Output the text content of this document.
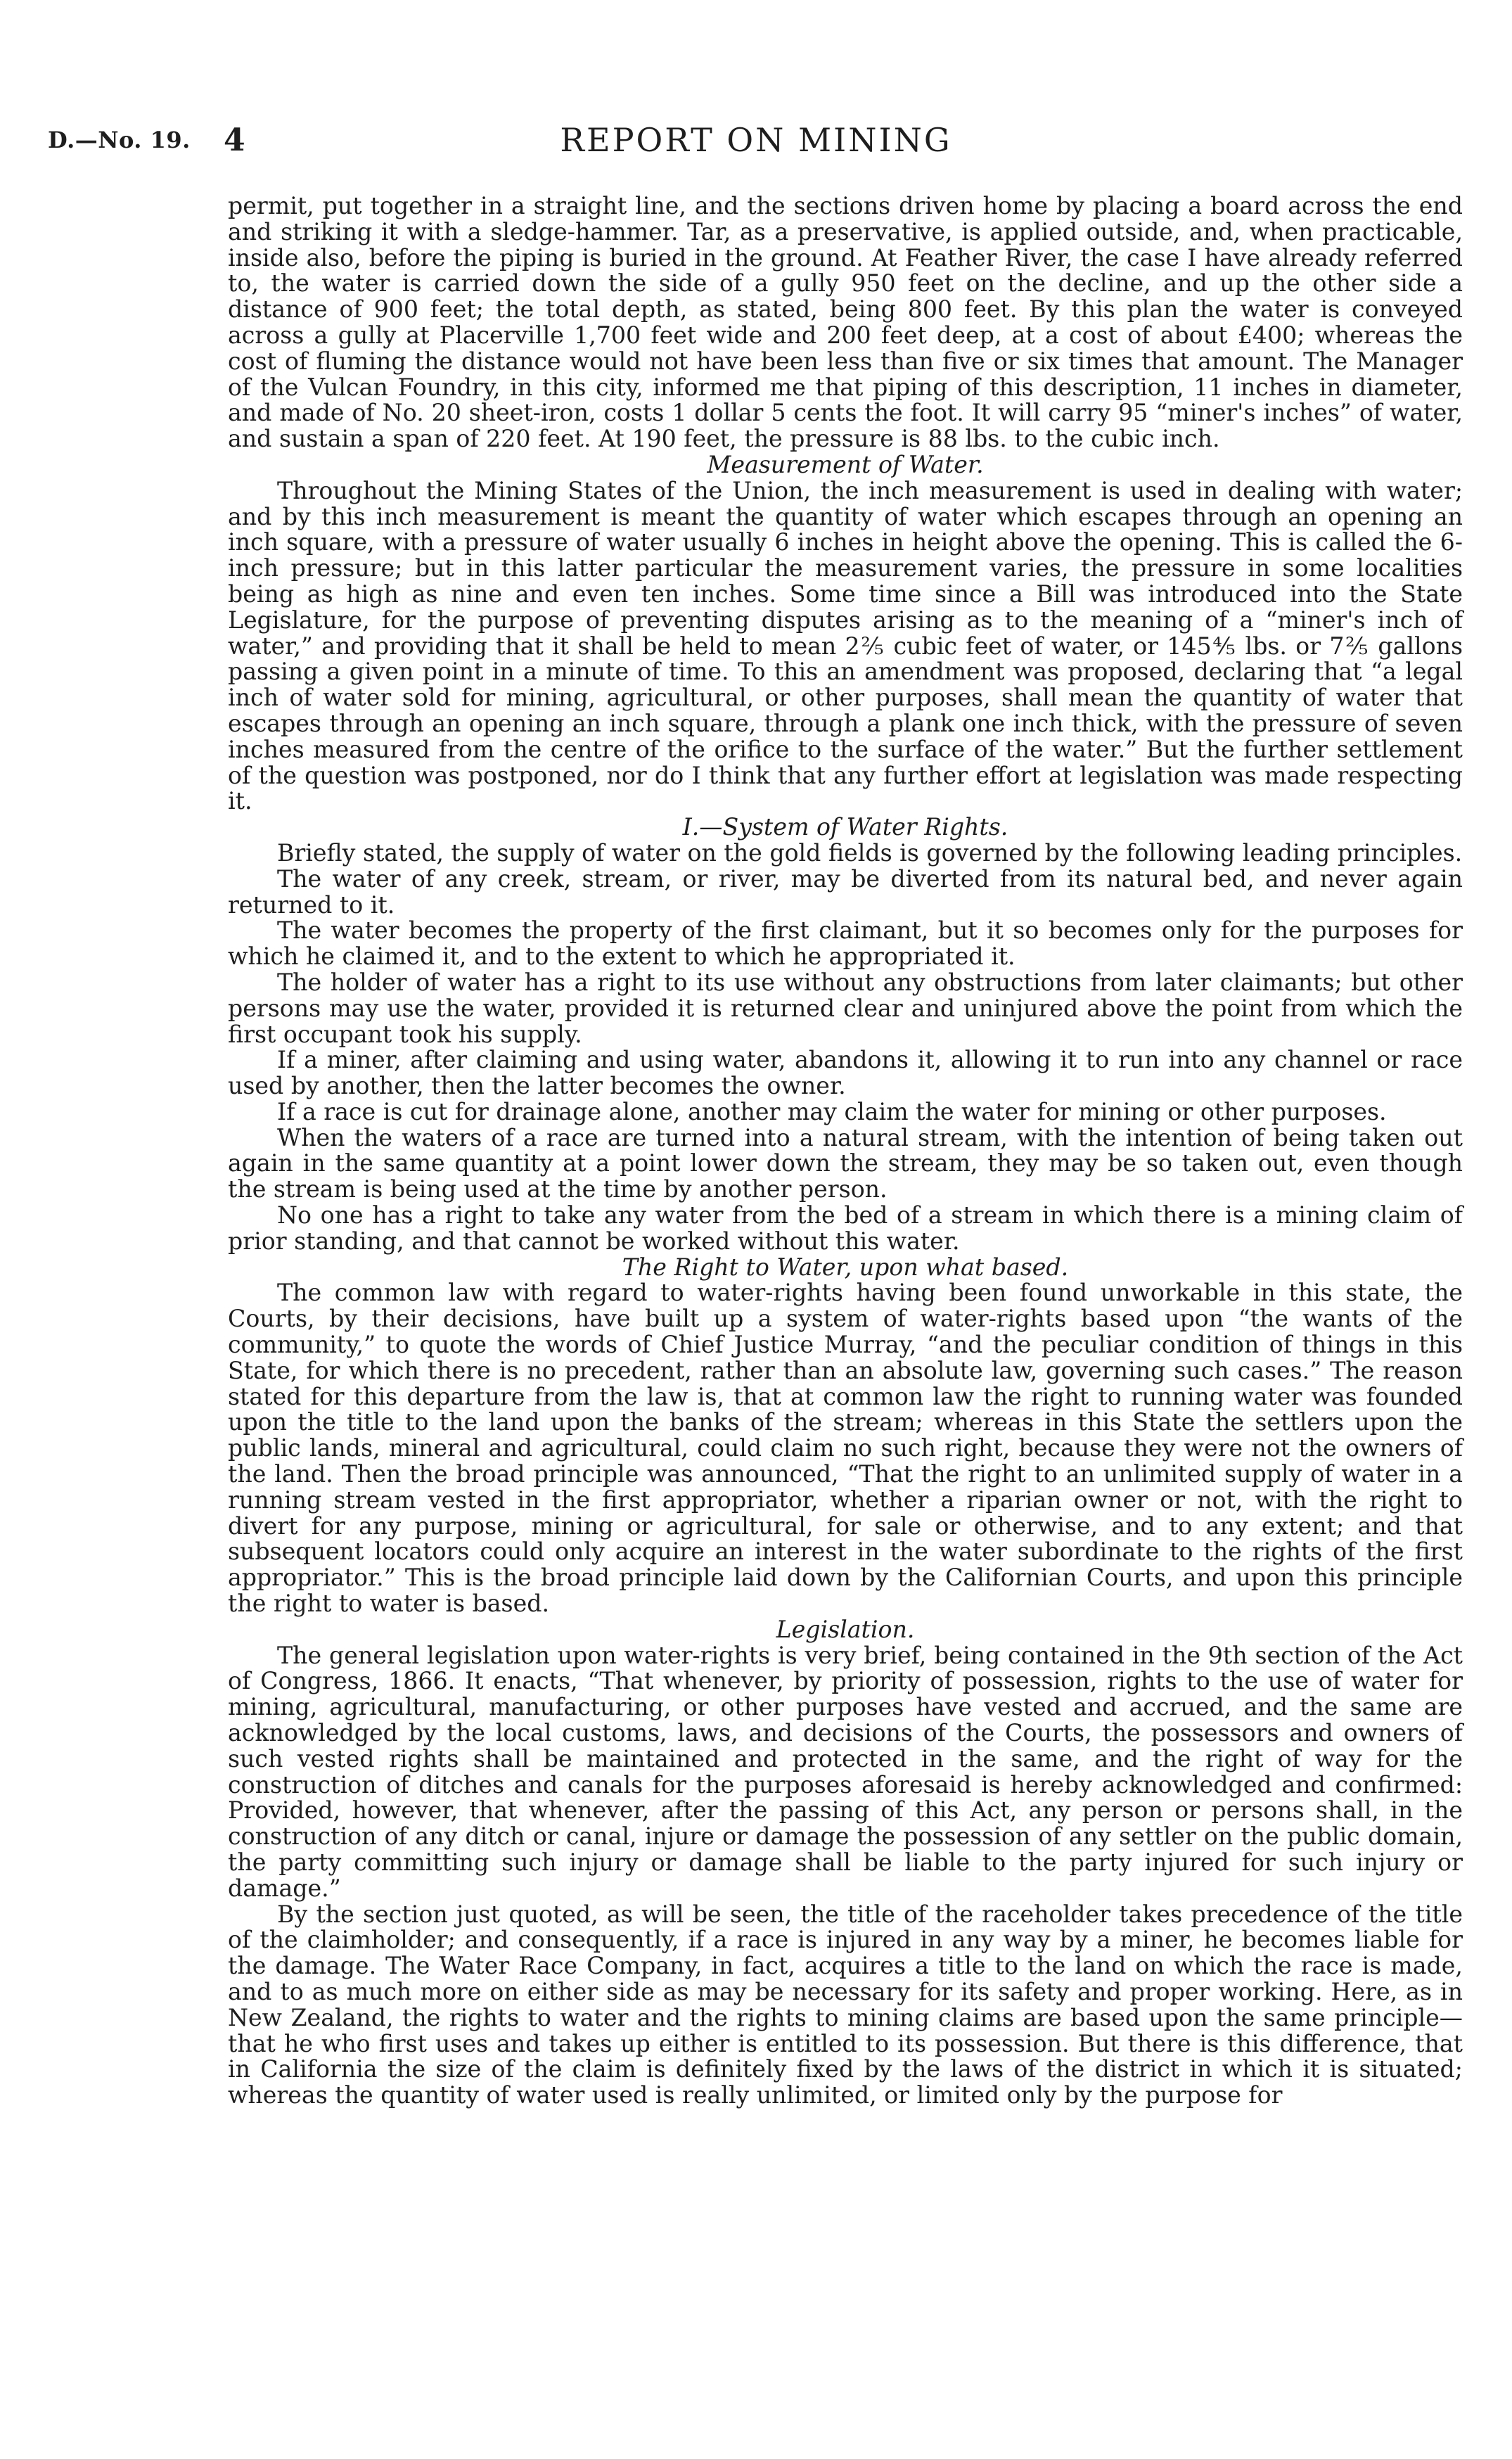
D.—No. 19. 4	REPORT ON MINING

permit, put together in a straight line, and the sections driven home by placing a board across the end and striking it with a sledge-hammer. Tar, as a preservative, is applied outside, and, when practicable, inside also, before the piping is buried in the ground. At Feather River, the case I have already referred to, the water is carried down the side of a gully 950 feet on the decline, and up the other side a distance of 900 feet; the total depth, as stated, being 800 feet. By this plan the water is conveyed across a gully at Placerville 1,700 feet wide and 200 feet deep, at a cost of about £400; whereas the cost of fluming the distance would not have been less than five or six times that amount. The Manager of the Vulcan Foundry, in this city, informed me that piping of this description, 11 inches in diameter, and made of No. 20 sheet-iron, costs 1 dollar 5 cents the foot. It will carry 95 “miner's inches” of water, and sustain a span of 220 feet. At 190 feet, the pressure is 88 lbs. to the cubic inch.

Measurement of Water.

Throughout the Mining States of the Union, the inch measurement is used in dealing with water; and by this inch measurement is meant the quantity of water which escapes through an opening an inch square, with a pressure of water usually 6 inches in height above the opening. This is called the 6-inch pressure; but in this latter particular the measurement varies, the pressure in some localities being as high as nine and even ten inches. Some time since a Bill was introduced into the State Legislature, for the purpose of preventing disputes arising as to the meaning of a “miner's inch of water,” and providing that it shall be held to mean 2⅖ cubic feet of water, or 145⅘ lbs. or 7⅖ gallons passing a given point in a minute of time. To this an amendment was proposed, declaring that “a legal inch of water sold for mining, agricultural, or other purposes, shall mean the quantity of water that escapes through an opening an inch square, through a plank one inch thick, with the pressure of seven inches measured from the centre of the orifice to the surface of the water.” But the further settlement of the question was postponed, nor do I think that any further effort at legislation was made respecting it.

I.—System of Water Rights.

Briefly stated, the supply of water on the gold fields is governed by the following leading principles.

The water of any creek, stream, or river, may be diverted from its natural bed, and never again returned to it.

The water becomes the property of the first claimant, but it so becomes only for the purposes for which he claimed it, and to the extent to which he appropriated it.

The holder of water has a right to its use without any obstructions from later claimants; but other persons may use the water, provided it is returned clear and uninjured above the point from which the first occupant took his supply.

If a miner, after claiming and using water, abandons it, allowing it to run into any channel or race used by another, then the latter becomes the owner.

If a race is cut for drainage alone, another may claim the water for mining or other purposes.

When the waters of a race are turned into a natural stream, with the intention of being taken out again in the same quantity at a point lower down the stream, they may be so taken out, even though the stream is being used at the time by another person.

No one has a right to take any water from the bed of a stream in which there is a mining claim of prior standing, and that cannot be worked without this water.

The Right to Water, upon what based.

The common law with regard to water-rights having been found unworkable in this state, the Courts, by their decisions, have built up a system of water-rights based upon “the wants of the community,” to quote the words of Chief Justice Murray, “and the peculiar condition of things in this State, for which there is no precedent, rather than an absolute law, governing such cases.” The reason stated for this departure from the law is, that at common law the right to running water was founded upon the title to the land upon the banks of the stream; whereas in this State the settlers upon the public lands, mineral and agricultural, could claim no such right, because they were not the owners of the land. Then the broad principle was announced, “That the right to an unlimited supply of water in a running stream vested in the first appropriator, whether a riparian owner or not, with the right to divert for any purpose, mining or agricultural, for sale or otherwise, and to any extent; and that subsequent locators could only acquire an interest in the water subordinate to the rights of the first appropriator.” This is the broad principle laid down by the Californian Courts, and upon this principle the right to water is based.

Legislation.

The general legislation upon water-rights is very brief, being contained in the 9th section of the Act of Congress, 1866. It enacts, “That whenever, by priority of possession, rights to the use of water for mining, agricultural, manufacturing, or other purposes have vested and accrued, and the same are acknowledged by the local customs, laws, and decisions of the Courts, the possessors and owners of such vested rights shall be maintained and protected in the same, and the right of way for the construction of ditches and canals for the purposes aforesaid is hereby acknowledged and confirmed: Provided, however, that whenever, after the passing of this Act, any person or persons shall, in the construction of any ditch or canal, injure or damage the possession of any settler on the public domain, the party committing such injury or damage shall be liable to the party injured for such injury or damage.”

By the section just quoted, as will be seen, the title of the raceholder takes precedence of the title of the claimholder; and consequently, if a race is injured in any way by a miner, he becomes liable for the damage. The Water Race Company, in fact, acquires a title to the land on which the race is made, and to as much more on either side as may be necessary for its safety and proper working. Here, as in New Zealand, the rights to water and the rights to mining claims are based upon the same principle—that he who first uses and takes up either is entitled to its possession. But there is this difference, that in California the size of the claim is definitely fixed by the laws of the district in which it is situated; whereas the quantity of water used is really unlimited, or limited only by the purpose for
